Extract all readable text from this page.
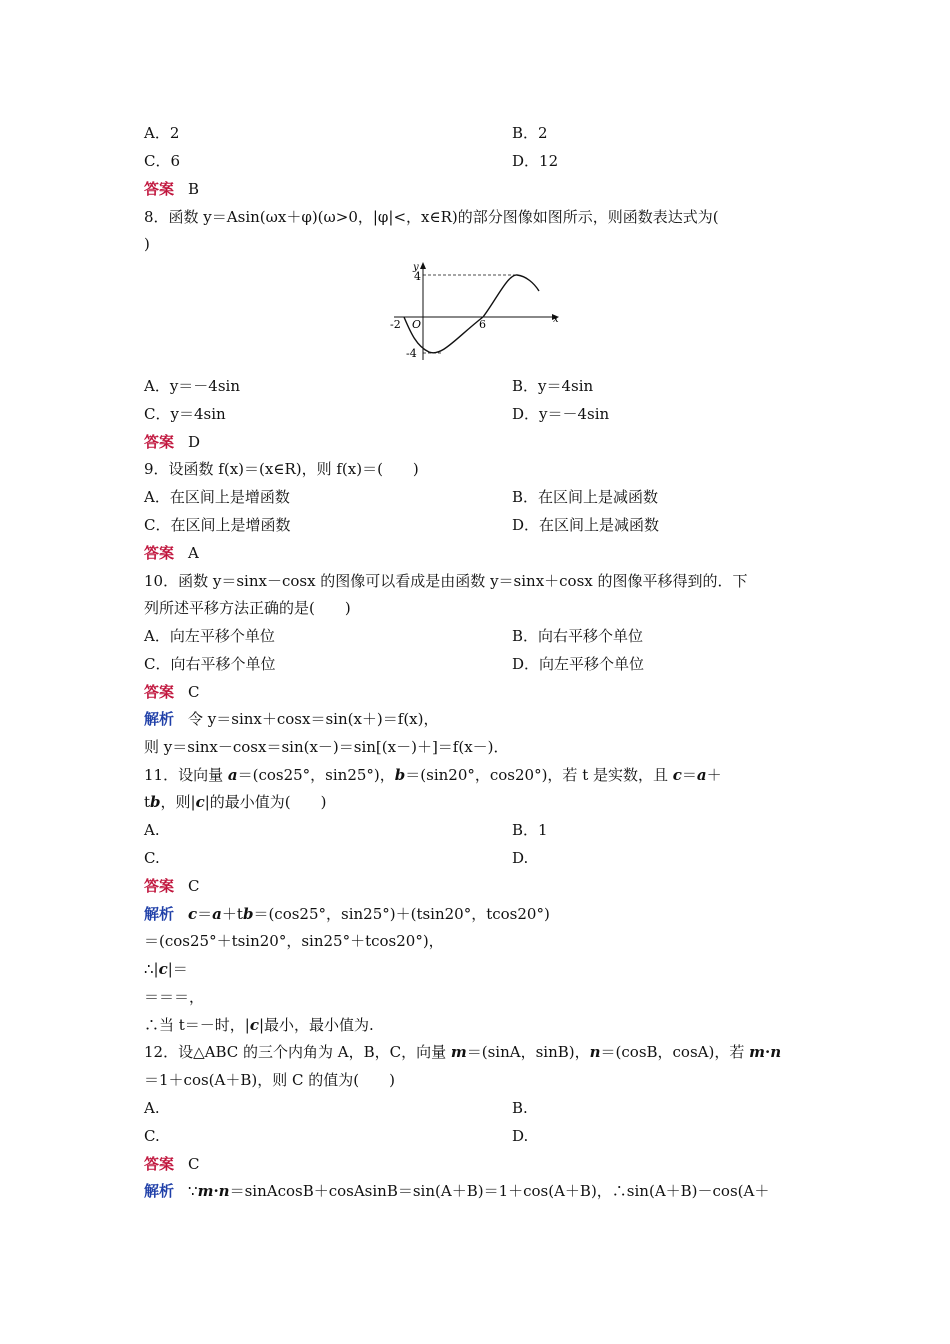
A．2	B．2
C．6	D．12
答案 B
8．函数 y＝Asin(ωx＋φ)(ω>0，|φ|<，x∈R)的部分图像如图所示，则函数表达式为(
)
y
x
O
4
-4
-2	6
A．y＝－4sin	B．y＝4sin
C．y＝4sin	D．y＝－4sin
答案 D
9．设函数 f(x)＝(x∈R)，则 f(x)＝(　　)
A．在区间上是增函数	B．在区间上是减函数
C．在区间上是增函数	D．在区间上是减函数
答案 A
10．函数 y＝sinx－cosx 的图像可以看成是由函数 y＝sinx＋cosx 的图像平移得到的．下
列所述平移方法正确的是(　　)
A．向左平移个单位	B．向右平移个单位
C．向右平移个单位	D．向左平移个单位
答案 C
解析 令 y＝sinx＋cosx＝sin(x＋)＝f(x)，
则 y＝sinx－cosx＝sin(x－)＝sin[(x－)＋]＝f(x－)．
11．设向量 a＝(cos25°，sin25°)，b＝(sin20°，cos20°)，若 t 是实数，且 c＝a＋
tb，则|c|的最小值为(　　)
A.	B．1
C.	D.
答案 C
解析 c＝a＋tb＝(cos25°，sin25°)＋(tsin20°，tcos20°)
＝(cos25°＋tsin20°，sin25°＋tcos20°)，
∴|c|＝
＝＝＝，
∴当 t＝－时，|c|最小，最小值为.
12．设△ABC 的三个内角为 A，B，C，向量 m＝(sinA，sinB)，n＝(cosB，cosA)，若 m·n
＝1＋cos(A＋B)，则 C 的值为(　　)
A.	B.
C.	D.
答案 C
解析 ∵m·n＝sinAcosB＋cosAsinB＝sin(A＋B)＝1＋cos(A＋B)，∴sin(A＋B)－cos(A＋
